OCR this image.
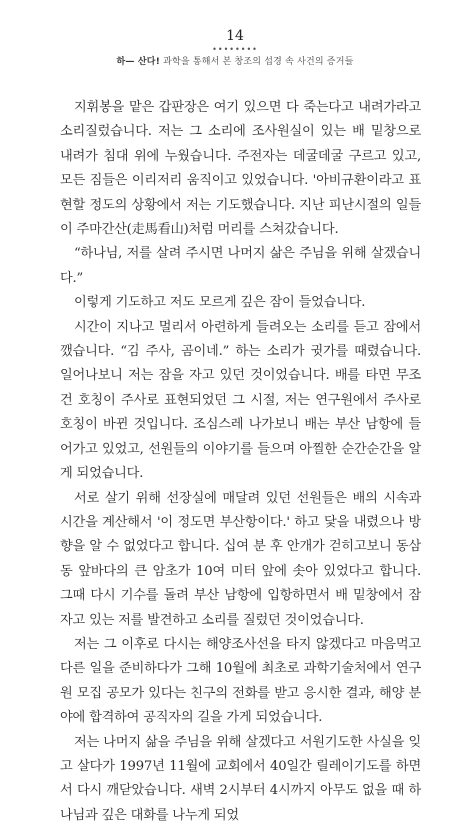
14
••••••••
하— 산다! 과학을 통해서 본 창조의 섭경 속 사건의 증거들

지휘봉을 맡은 갑판장은 여기 있으면 다 죽는다고 내려가라고 소리질렀습니다. 저는 그 소리에 조사원실이 있는 배 밑창으로 내려가 침대 위에 누웠습니다. 주전자는 데굴데굴 구르고 있고, 모든 짐들은 이리저리 움직이고 있었습니다. '아비규환이라고 표현할 정도의 상황에서 저는 기도했습니다. 지난 피난시절의 일들이 주마간산(走馬看山)처럼 머리를 스쳐갔습니다.

“하나님, 저를 살려 주시면 나머지 삶은 주님을 위해 살겠습니다.”

이렇게 기도하고 저도 모르게 깊은 잠이 들었습니다.

시간이 지나고 멀리서 아련하게 들려오는 소리를 듣고 잠에서 깼습니다. “김 주사, 곰이네.” 하는 소리가 귓가를 때렸습니다. 일어나보니 저는 잠을 자고 있던 것이었습니다. 배를 타면 무조건 호칭이 주사로 표현되었던 그 시절, 저는 연구원에서 주사로 호칭이 바뀐 것입니다. 조심스레 나가보니 배는 부산 남항에 들어가고 있었고, 선원들의 이야기를 들으며 아찔한 순간순간을 알게 되었습니다.

서로 살기 위해 선장실에 매달려 있던 선원들은 배의 시속과 시간을 계산해서 '이 정도면 부산항이다.' 하고 닻을 내렸으나 방향을 알 수 없었다고 합니다. 십여 분 후 안개가 걷히고보니 동삼동 앞바다의 큰 암초가 10여 미터 앞에 솟아 있었다고 합니다. 그때 다시 기수를 돌려 부산 남항에 입항하면서 배 밑창에서 잠자고 있는 저를 발견하고 소리를 질렀던 것이었습니다.

저는 그 이후로 다시는 해양조사선을 타지 않겠다고 마음먹고 다른 일을 준비하다가 그해 10월에 최초로 과학기술처에서 연구원 모집 공모가 있다는 친구의 전화를 받고 응시한 결과, 해양 분야에 합격하여 공직자의 길을 가게 되었습니다.

저는 나머지 삶을 주님을 위해 살겠다고 서원기도한 사실을 잊고 살다가 1997년 11월에 교회에서 40일간 릴레이기도를 하면서 다시 깨닫았습니다. 새벽 2시부터 4시까지 아무도 없을 때 하나님과 깊은 대화를 나누게 되었
